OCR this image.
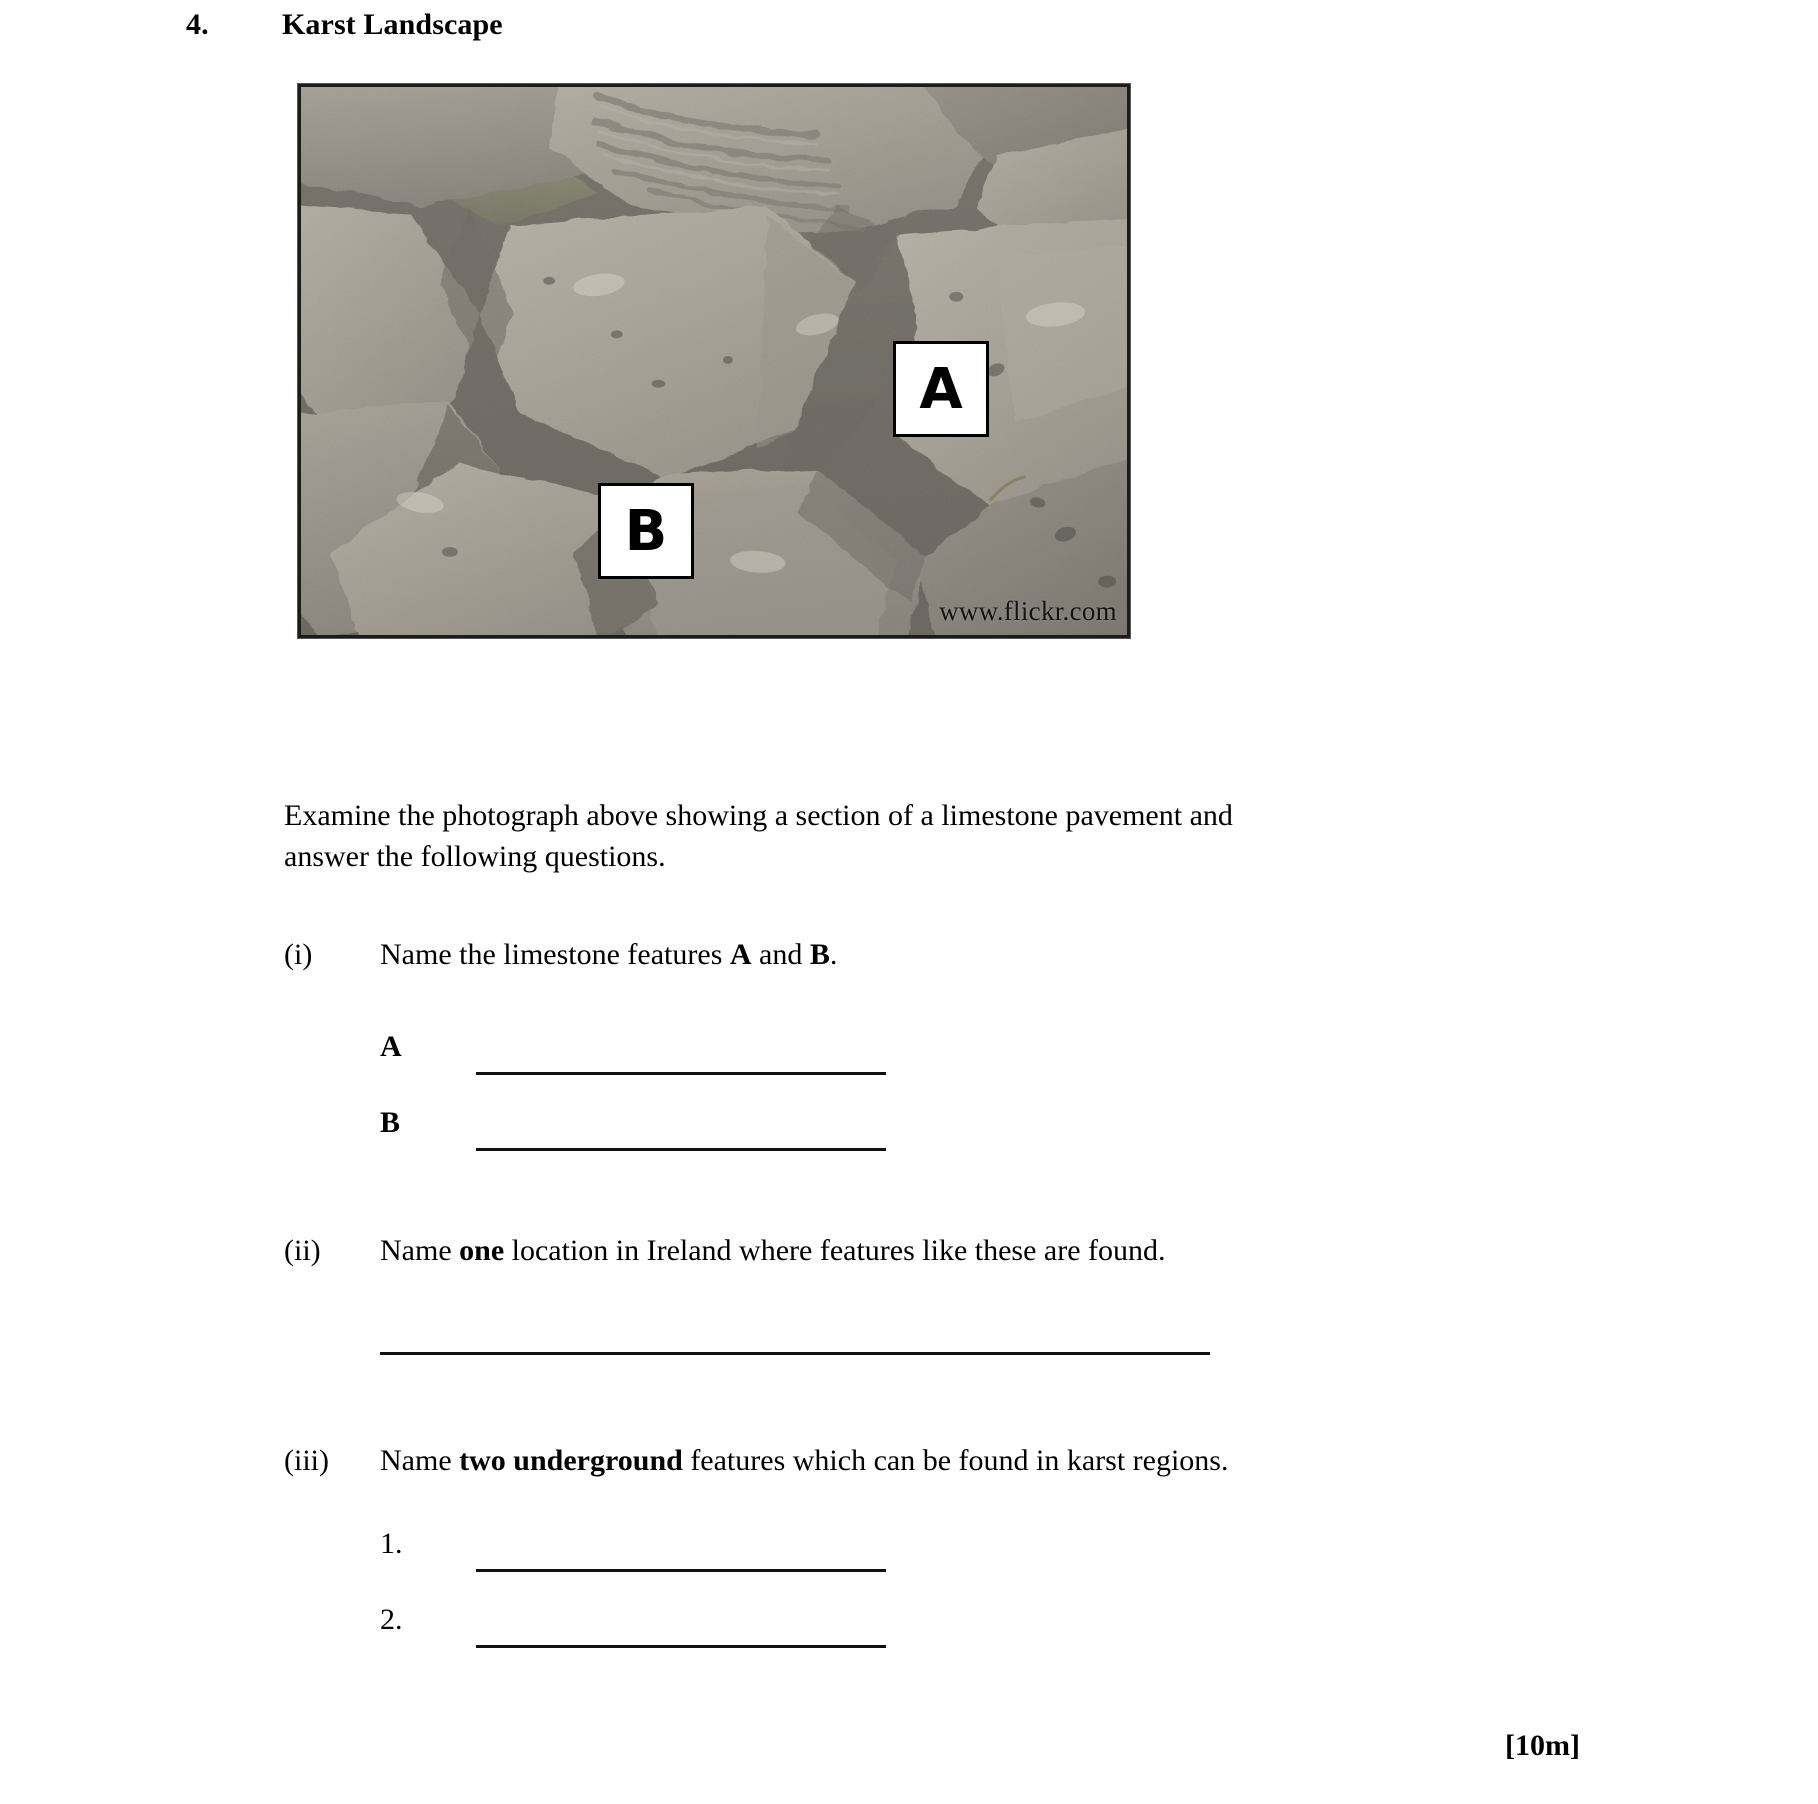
4.	Karst Landscape
A
B
www.flickr.com
Examine the photograph above showing a section of a limestone pavement and answer the following questions.
(i)	Name the limestone features A and B.
A
B
(ii)	Name one location in Ireland where features like these are found.
(iii)	Name two underground features which can be found in karst regions.
1.
2.
[10m]
